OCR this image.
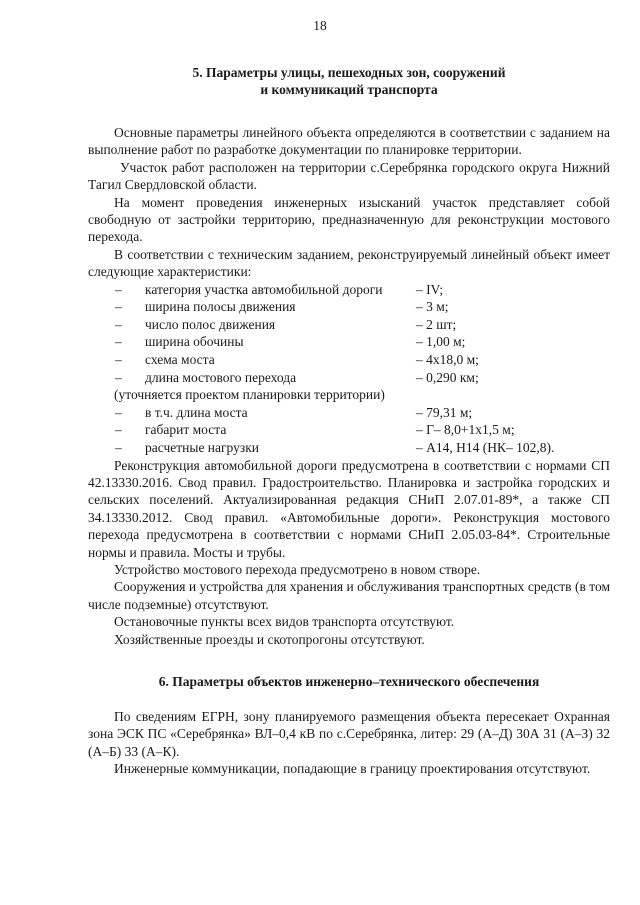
18
5. Параметры улицы, пешеходных зон, сооружений
и коммуникаций транспорта

Основные параметры линейного объекта определяются в соответствии с заданием на выполнение работ по разработке документации по планировке территории.

Участок работ расположен на территории с.Серебрянка городского округа Нижний Тагил Свердловской области.

На момент проведения инженерных изысканий участок представляет собой свободную от застройки территорию, предназначенную для реконструкции мостового перехода.

В соответствии с техническим заданием, реконструируемый линейный объект имеет следующие характеристики:

– категория участка автомобильной дороги – IV;
– ширина полосы движения	– 3 м;
– число полос движения	– 2 шт;
– ширина обочины	– 1,00 м;
– схема моста	– 4х18,0 м;
– длина мостового перехода	– 0,290 км;
(уточняется проектом планировки территории)
– в т.ч. длина моста	– 79,31 м;
– габарит моста	– Г– 8,0+1х1,5 м;
– расчетные нагрузки	– А14, Н14 (НК– 102,8).

Реконструкция автомобильной дороги предусмотрена в соответствии с нормами СП 42.13330.2016. Свод правил. Градостроительство. Планировка и застройка городских и сельских поселений. Актуализированная редакция СНиП 2.07.01-89*, а также СП 34.13330.2012. Свод правил. «Автомобильные дороги». Реконструкция мостового перехода предусмотрена в соответствии с нормами СНиП 2.05.03-84*. Строительные нормы и правила. Мосты и трубы.

Устройство мостового перехода предусмотрено в новом створе.

Сооружения и устройства для хранения и обслуживания транспортных средств (в том числе подземные) отсутствуют.

Остановочные пункты всех видов транспорта отсутствуют.

Хозяйственные проезды и скотопрогоны отсутствуют.

6. Параметры объектов инженерно–технического обеспечения

По сведениям ЕГРН, зону планируемого размещения объекта пересекает Охранная зона ЭСК ПС «Серебрянка» ВЛ–0,4 кВ по с.Серебрянка, литер: 29 (А–Д) 30А 31 (А–З) 32 (А–Б) 33 (А–К).

Инженерные коммуникации, попадающие в границу проектирования отсутствуют.
